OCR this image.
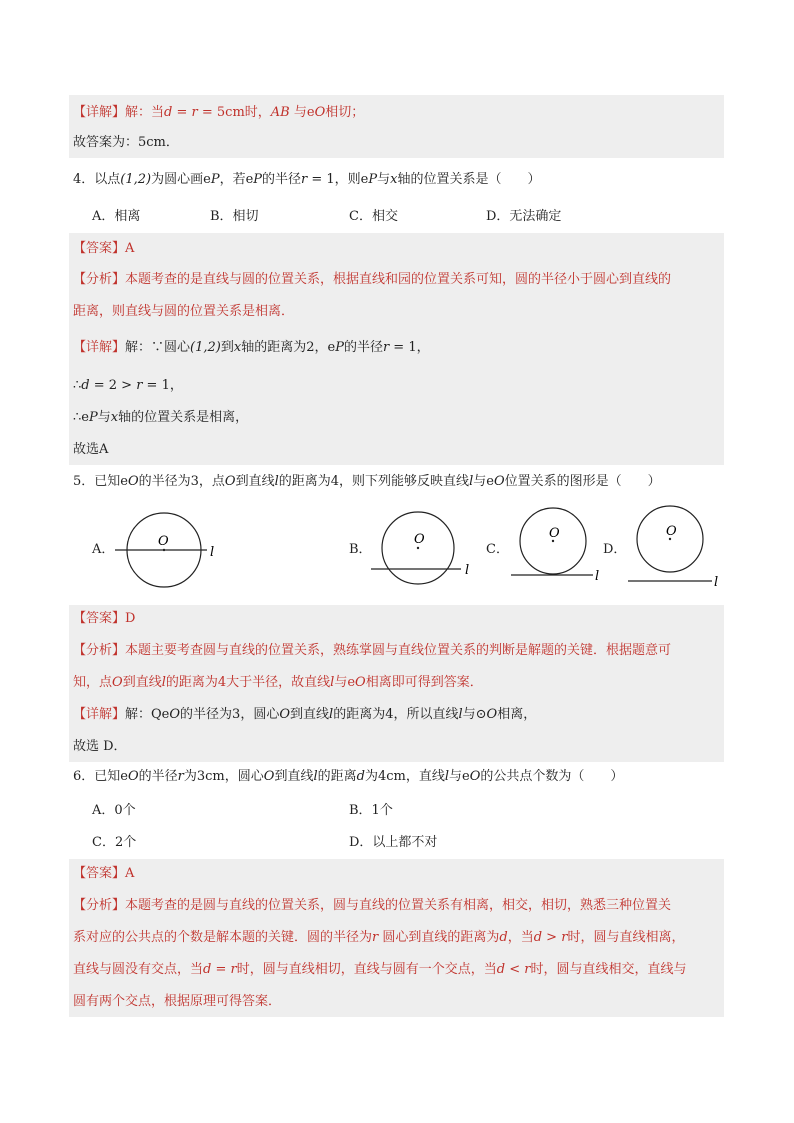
【详解】解：当d = r = 5cm时，AB 与eO相切；
故答案为：5cm．
4．以点(1,2)为圆心画eP，若eP的半径r = 1，则eP与x轴的位置关系是（　　）
A．相离	B．相切	C．相交	D．无法确定
【答案】A
【分析】本题考查的是直线与圆的位置关系，根据直线和园的位置关系可知，圆的半径小于圆心到直线的
距离，则直线与圆的位置关系是相离．
【详解】解：∵圆心(1,2)到x轴的距离为2，eP的半径r = 1，
∴d = 2 > r = 1，
∴eP与x轴的位置关系是相离，
故选A
5．已知eO的半径为3，点O到直线l的距离为4，则下列能够反映直线l与eO位置关系的图形是（　　）
A．	B．	C．	D．
O
l
O
l
O
l
O
l
【答案】D
【分析】本题主要考查圆与直线的位置关系，熟练掌圆与直线位置关系的判断是解题的关键．根据题意可
知，点O到直线l的距离为4大于半径，故直线l与eO相离即可得到答案．
【详解】解：QeO的半径为3，圆心O到直线l的距离为4，所以直线l与⊙O相离，
故选 D．
6．已知eO的半径r为3cm，圆心O到直线l的距离d为4cm，直线l与eO的公共点个数为（　　）
A．0个	B．1个
C．2个	D．以上都不对
【答案】A
【分析】本题考查的是圆与直线的位置关系，圆与直线的位置关系有相离，相交，相切，熟悉三种位置关
系对应的公共点的个数是解本题的关键．圆的半径为r 圆心到直线的距离为d，当d > r时，圆与直线相离，
直线与圆没有交点，当d = r时，圆与直线相切，直线与圆有一个交点，当d < r时，圆与直线相交，直线与
圆有两个交点，根据原理可得答案．
